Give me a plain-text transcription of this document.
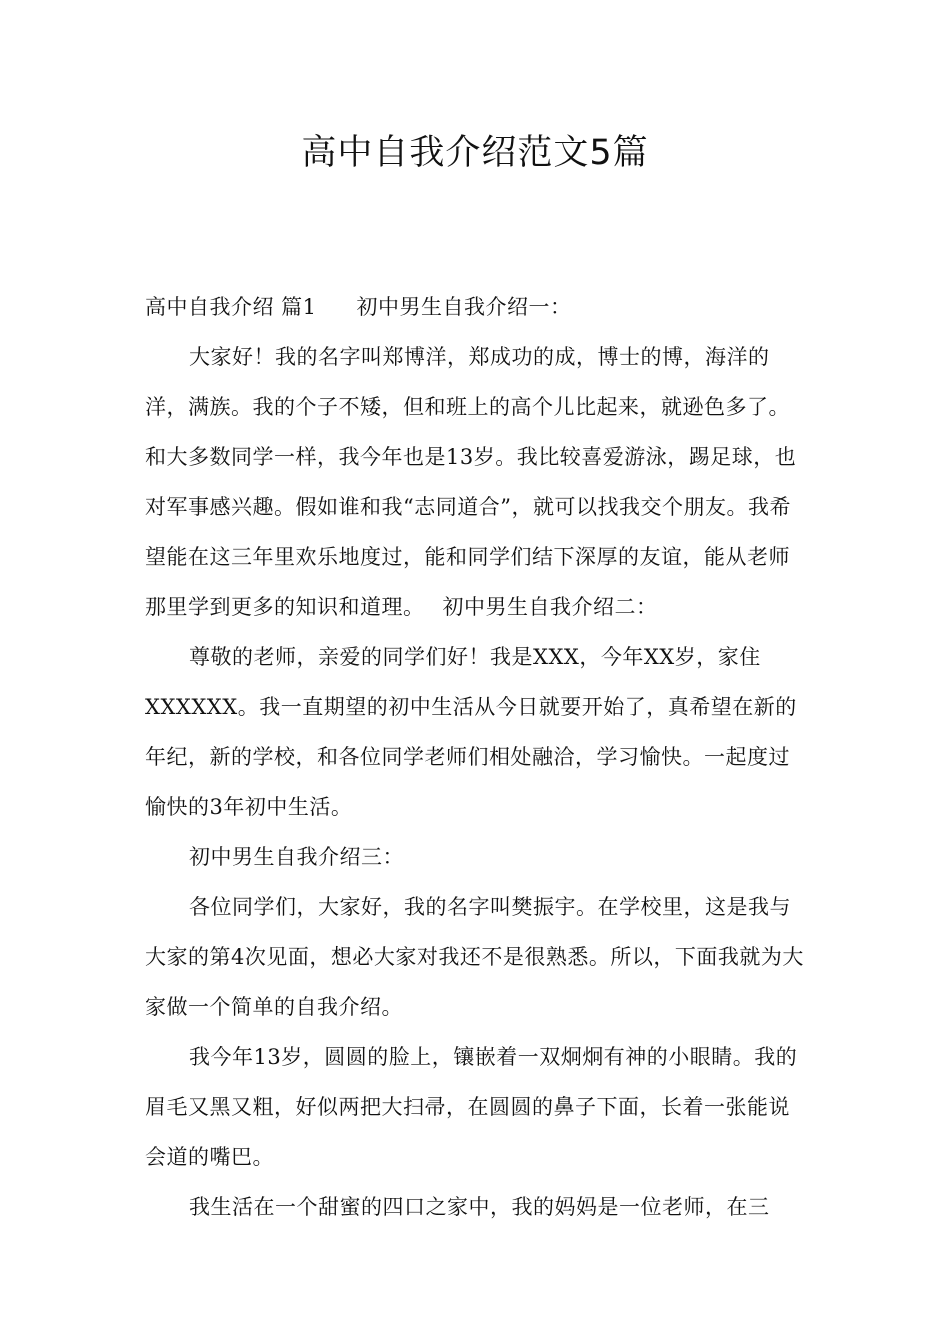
高中自我介绍范文5篇

高中自我介绍 篇1 初中男生自我介绍一：

大家好！我的名字叫郑博洋，郑成功的成，博士的博，海洋的洋，满族。我的个子不矮，但和班上的高个儿比起来，就逊色多了。和大多数同学一样，我今年也是13岁。我比较喜爱游泳，踢足球，也对军事感兴趣。假如谁和我“志同道合”，就可以找我交个朋友。我希望能在这三年里欢乐地度过，能和同学们结下深厚的友谊，能从老师那里学到更多的知识和道理。 初中男生自我介绍二：

尊敬的老师，亲爱的同学们好！我是XXX，今年XX岁，家住XXXXXX。我一直期望的初中生活从今日就要开始了，真希望在新的年纪，新的学校，和各位同学老师们相处融洽，学习愉快。一起度过愉快的3年初中生活。

初中男生自我介绍三：

各位同学们，大家好，我的名字叫樊振宇。在学校里，这是我与大家的第4次见面，想必大家对我还不是很熟悉。所以，下面我就为大家做一个简单的自我介绍。

我今年13岁，圆圆的脸上，镶嵌着一双炯炯有神的小眼睛。我的眉毛又黑又粗，好似两把大扫帚，在圆圆的鼻子下面，长着一张能说会道的嘴巴。

我生活在一个甜蜜的四口之家中，我的妈妈是一位老师，在三
